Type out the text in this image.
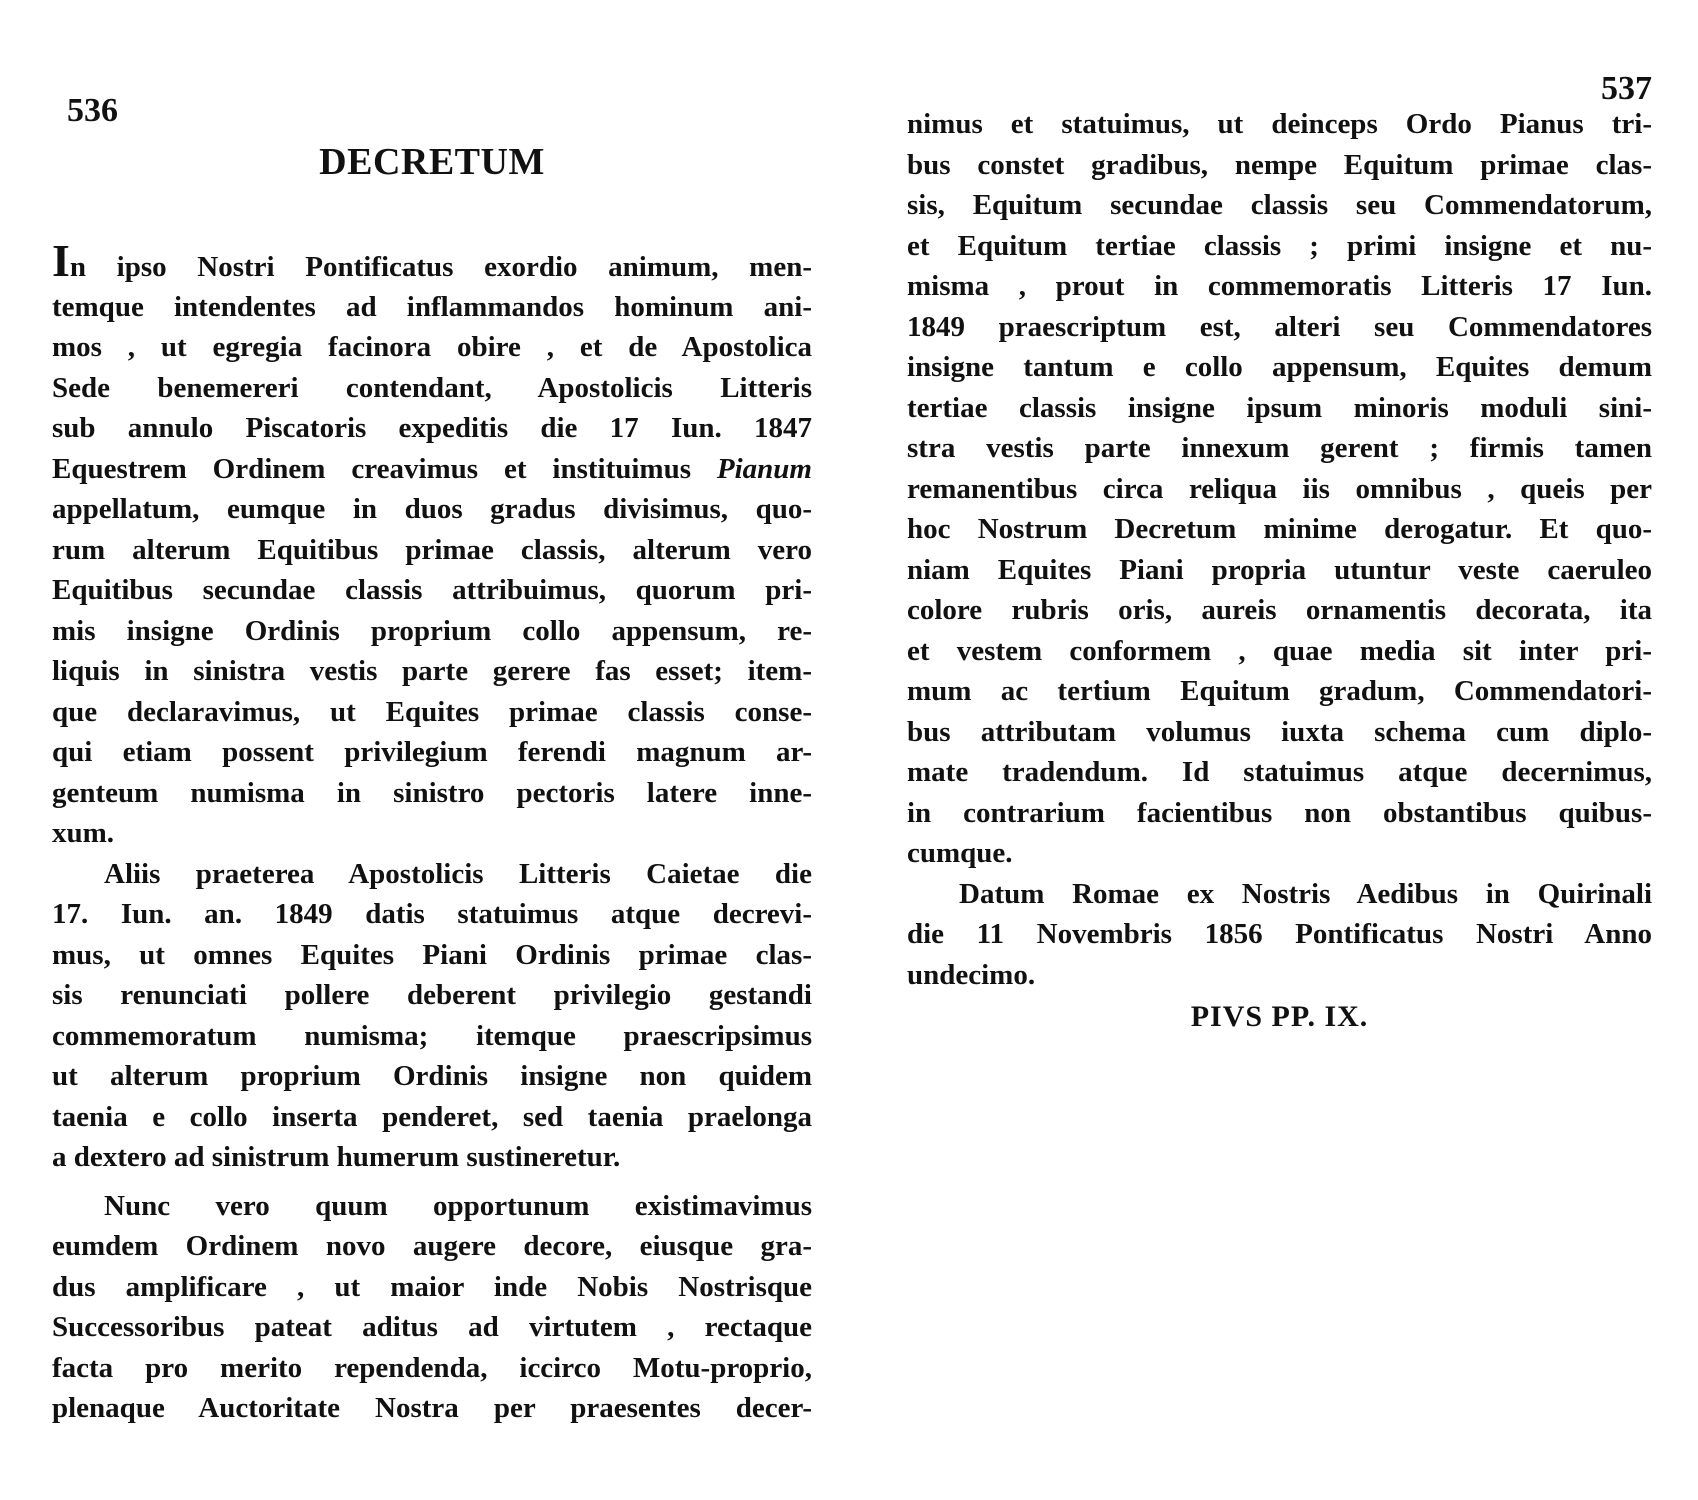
536
DECRETUM
In ipso Nostri Pontificatus exordio animum, men-
temque intendentes ad inflammandos hominum ani-
mos , ut egregia facinora obire , et de Apostolica
Sede benemereri contendant, Apostolicis Litteris
sub annulo Piscatoris expeditis die 17 Iun. 1847
Equestrem Ordinem creavimus et instituimus Pianum
appellatum, eumque in duos gradus divisimus, quo-
rum alterum Equitibus primae classis, alterum vero
Equitibus secundae classis attribuimus, quorum pri-
mis insigne Ordinis proprium collo appensum, re-
liquis in sinistra vestis parte gerere fas esset; item-
que declaravimus, ut Equites primae classis conse-
qui etiam possent privilegium ferendi magnum ar-
genteum numisma in sinistro pectoris latere inne-
xum.
Aliis praeterea Apostolicis Litteris Caietae die
17. Iun. an. 1849 datis statuimus atque decrevi-
mus, ut omnes Equites Piani Ordinis primae clas-
sis renunciati pollere deberent privilegio gestandi
commemoratum numisma; itemque praescripsimus
ut alterum proprium Ordinis insigne non quidem
taenia e collo inserta penderet, sed taenia praelonga
a dextero ad sinistrum humerum sustineretur.
Nunc vero quum opportunum existimavimus
eumdem Ordinem novo augere decore, eiusque gra-
dus amplificare , ut maior inde Nobis Nostrisque
Successoribus pateat aditus ad virtutem , rectaque
facta pro merito rependenda, iccirco Motu-proprio,
plenaque Auctoritate Nostra per praesentes decer-
537
nimus et statuimus, ut deinceps Ordo Pianus tri-
bus constet gradibus, nempe Equitum primae clas-
sis, Equitum secundae classis seu Commendatorum,
et Equitum tertiae classis ; primi insigne et nu-
misma , prout in commemoratis Litteris 17 Iun.
1849 praescriptum est, alteri seu Commendatores
insigne tantum e collo appensum, Equites demum
tertiae classis insigne ipsum minoris moduli sini-
stra vestis parte innexum gerent ; firmis tamen
remanentibus circa reliqua iis omnibus , queis per
hoc Nostrum Decretum minime derogatur. Et quo-
niam Equites Piani propria utuntur veste caeruleo
colore rubris oris, aureis ornamentis decorata, ita
et vestem conformem , quae media sit inter pri-
mum ac tertium Equitum gradum, Commendatori-
bus attributam volumus iuxta schema cum diplo-
mate tradendum. Id statuimus atque decernimus,
in contrarium facientibus non obstantibus quibus-
cumque.
Datum Romae ex Nostris Aedibus in Quirinali
die 11 Novembris 1856 Pontificatus Nostri Anno
undecimo.
PIVS PP. IX.
